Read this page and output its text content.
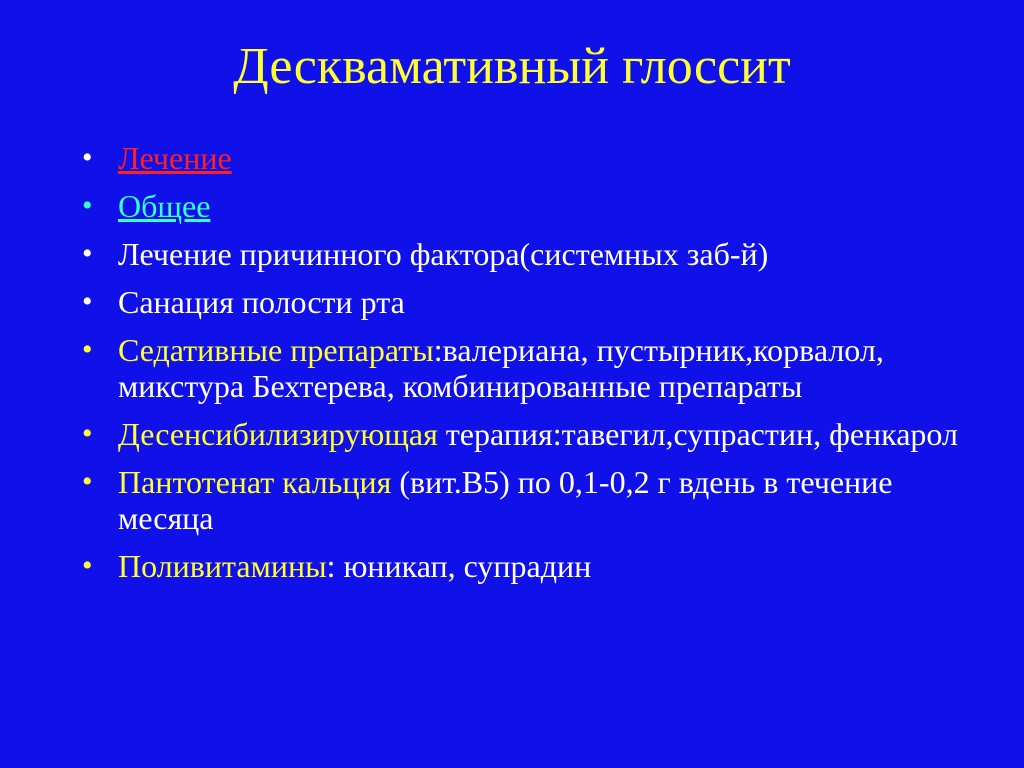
Десквамативный глоссит
• Лечение
• Общее
• Лечение причинного фактора(системных заб-й)
• Санация полости рта
• Седативные препараты:валериана, пустырник,корвалол, микстура Бехтерева, комбинированные препараты
• Десенсибилизирующая терапия:тавегил,супрастин, фенкарол
• Пантотенат кальция (вит.В5) по 0,1-0,2 г вдень в течение месяца
• Поливитамины: юникап, супрадин
